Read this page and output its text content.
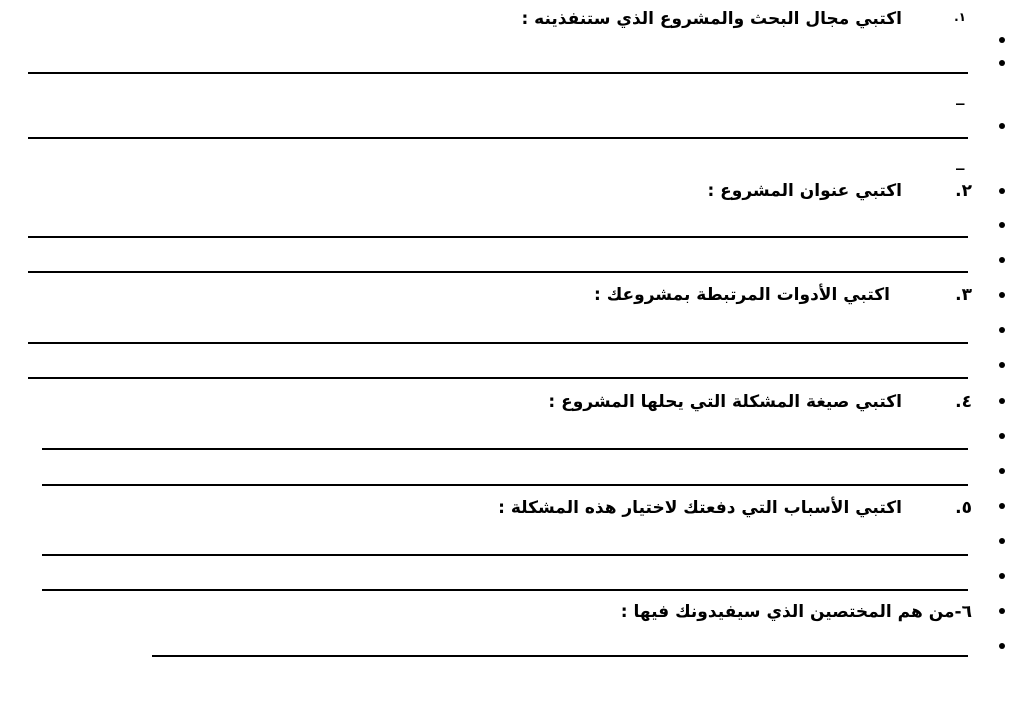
١.
اكتبي مجال البحث والمشروع الذي ستنفذينه :
_
_
٢.
اكتبي عنوان المشروع :
٣.
اكتبي الأدوات المرتبطة بمشروعك :
٤.
اكتبي صيغة المشكلة التي يحلها المشروع :
٥.
اكتبي الأسباب التي دفعتك لاختيار هذه المشكلة :
٦-من هم المختصين الذي سيفيدونك فيها :
